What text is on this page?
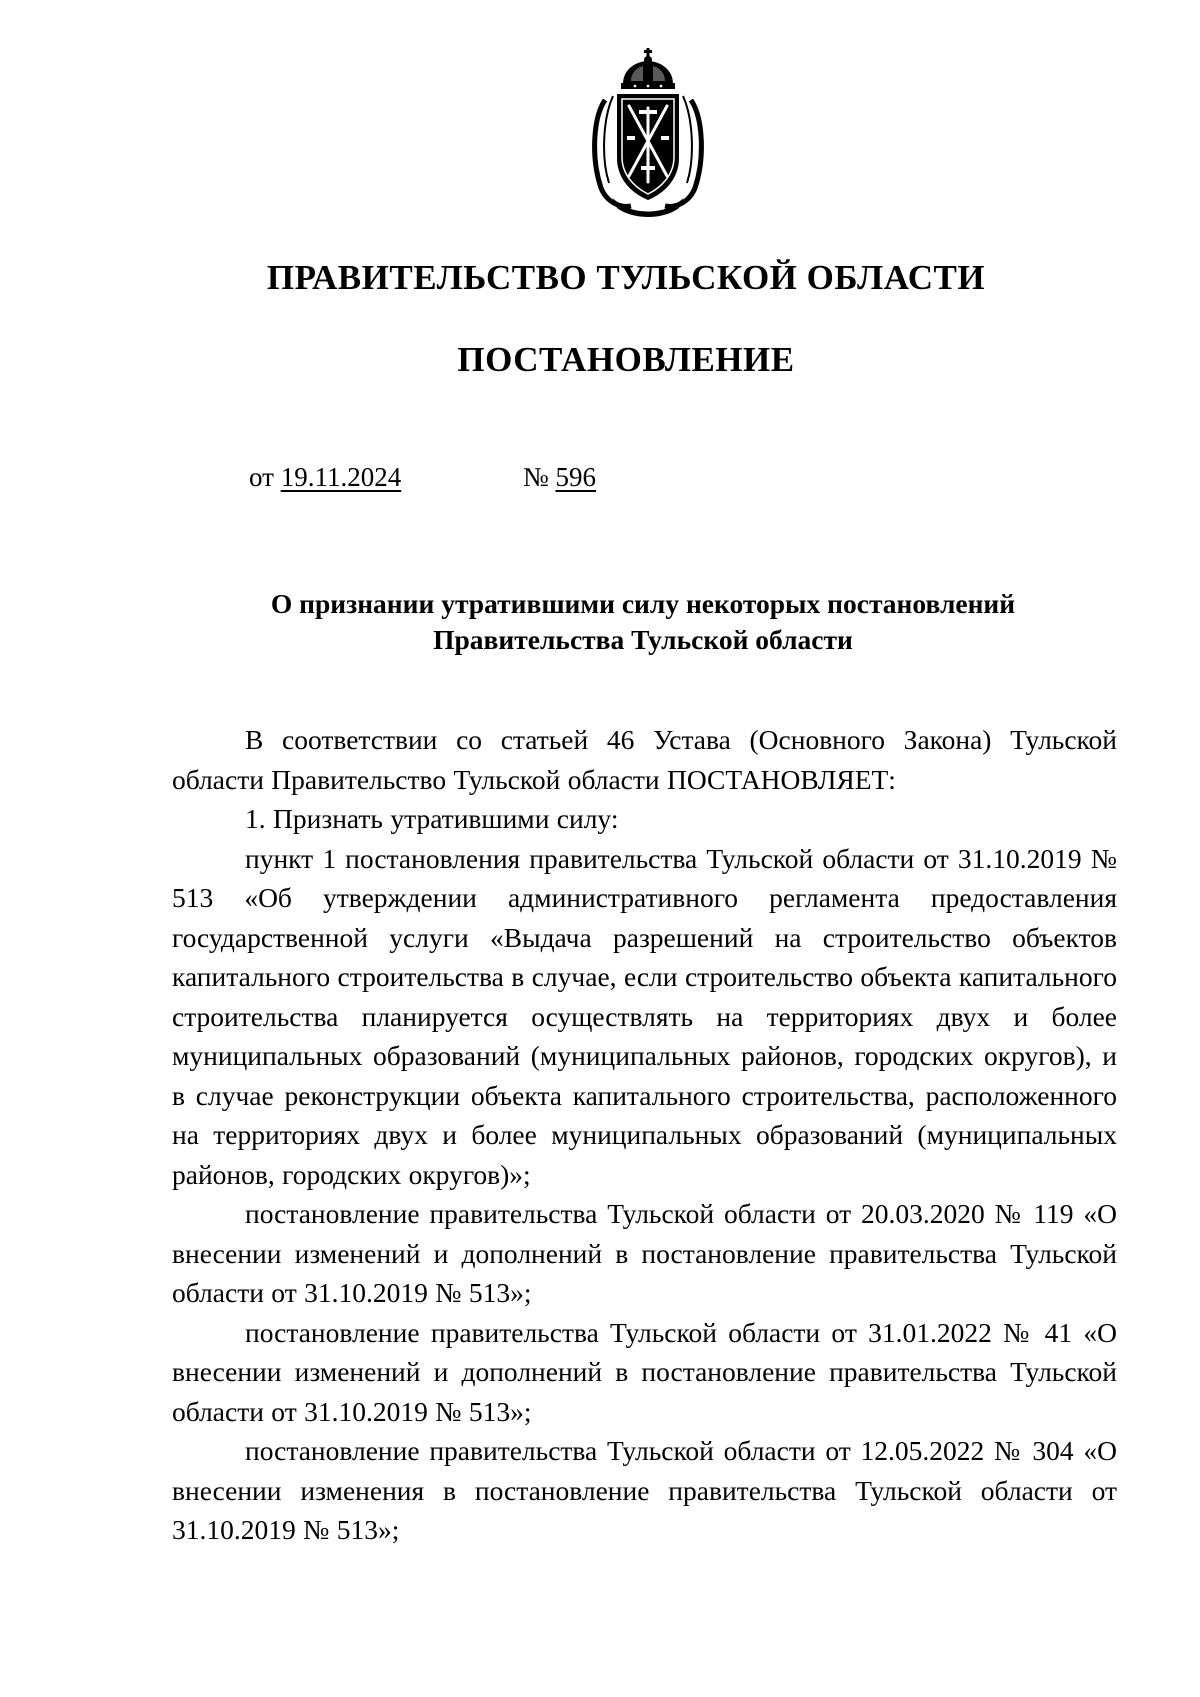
ПРАВИТЕЛЬСТВО ТУЛЬСКОЙ ОБЛАСТИ
ПОСТАНОВЛЕНИЕ
от 19.11.2024	№ 596
О признании утратившими силу некоторых постановлений
Правительства Тульской области

В соответствии со статьей 46 Устава (Основного Закона) Тульской области Правительство Тульской области ПОСТАНОВЛЯЕТ:

1. Признать утратившими силу:

пункт 1 постановления правительства Тульской области от 31.10.2019 № 513 «Об утверждении административного регламента предоставления государственной услуги «Выдача разрешений на строительство объектов капитального строительства в случае, если строительство объекта капитального строительства планируется осуществлять на территориях двух и более муниципальных образований (муниципальных районов, городских округов), и в случае реконструкции объекта капитального строительства, расположенного на территориях двух и более муниципальных образований (муниципальных районов, городских округов)»;

постановление правительства Тульской области от 20.03.2020 № 119 «О внесении изменений и дополнений в постановление правительства Тульской области от 31.10.2019 № 513»;

постановление правительства Тульской области от 31.01.2022 № 41 «О внесении изменений и дополнений в постановление правительства Тульской области от 31.10.2019 № 513»;

постановление правительства Тульской области от 12.05.2022 № 304 «О внесении изменения в постановление правительства Тульской области от 31.10.2019 № 513»;
